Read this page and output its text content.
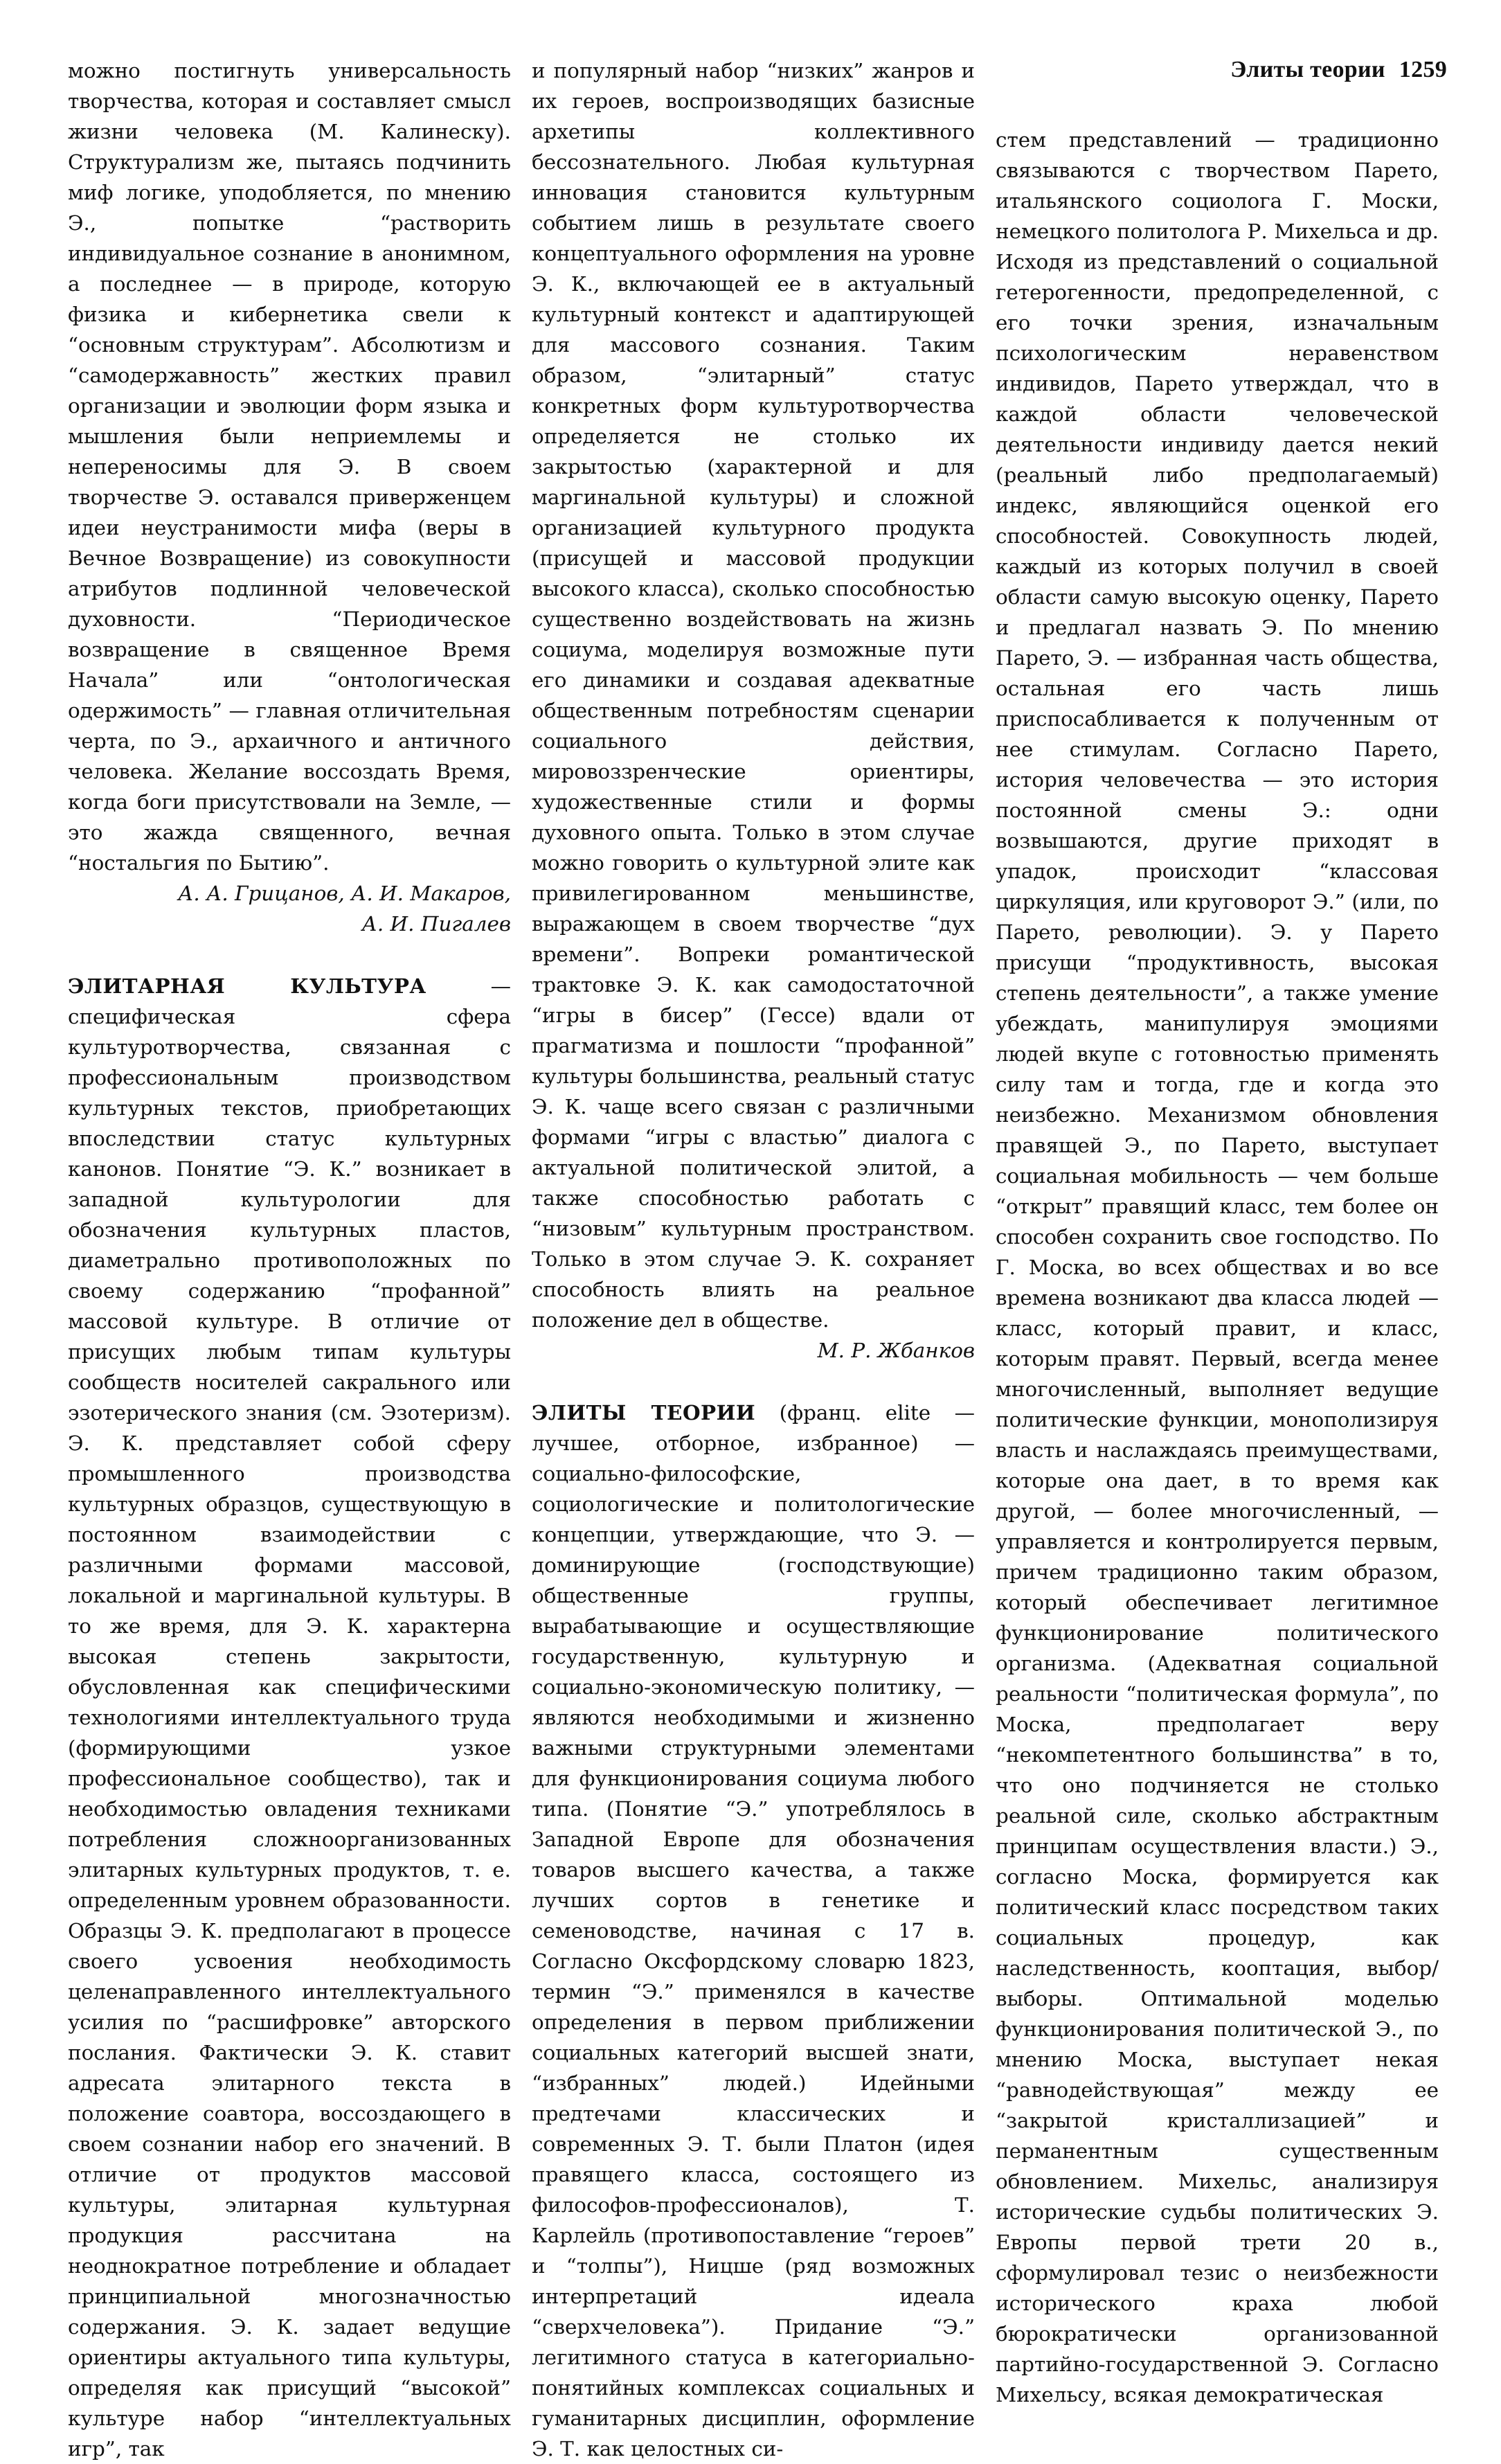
Элиты теории 1259

можно постигнуть универсальность творчества, которая и составляет смысл жизни человека (М. Калинеску). Структурализм же, пытаясь подчинить миф логике, уподобляется, по мнению Э., попытке “растворить индивидуальное сознание в анонимном, а последнее — в природе, которую физика и кибернетика свели к “основным структурам”. Абсолютизм и “самодержавность” жестких правил организации и эволюции форм языка и мышления были неприемлемы и непереносимы для Э. В своем творчестве Э. оставался приверженцем идеи неустранимости мифа (веры в Вечное Возвращение) из совокупности атрибутов подлинной человеческой духовности. “Периодическое возвращение в священное Время Начала” или “онтологическая одержимость” — главная отличительная черта, по Э., архаичного и античного человека. Желание воссоздать Время, когда боги присутствовали на Земле, — это жажда священного, вечная “ностальгия по Бытию”.

А. А. Грицанов, А. И. Макаров,
А. И. Пигалев

ЭЛИТАРНАЯ КУЛЬТУРА — специфическая сфера культуротворчества, связанная с профессиональным производством культурных текстов, приобретающих впоследствии статус культурных канонов. Понятие “Э. К.” возникает в западной культурологии для обозначения культурных пластов, диаметрально противоположных по своему содержанию “профанной” массовой культуре. В отличие от присущих любым типам культуры сообществ носителей сакрального или эзотерического знания (см. Эзотеризм). Э. К. представляет собой сферу промышленного производства культурных образцов, существующую в постоянном взаимодействии с различными формами массовой, локальной и маргинальной культуры. В то же время, для Э. К. характерна высокая степень закрытости, обусловленная как специфическими технологиями интеллектуального труда (формирующими узкое профессиональное сообщество), так и необходимостью овладения техниками потребления сложноорганизованных элитарных культурных продуктов, т. е. определенным уровнем образованности. Образцы Э. К. предполагают в процессе своего усвоения необходимость целенаправленного интеллектуального усилия по “расшифровке” авторского послания. Фактически Э. К. ставит адресата элитарного текста в положение соавтора, воссоздающего в своем сознании набор его значений. В отличие от продуктов массовой культуры, элитарная культурная продукция рассчитана на неоднократное потребление и обладает принципиальной многозначностью содержания. Э. К. задает ведущие ориентиры актуального типа культуры, определяя как присущий “высокой” культуре набор “интеллектуальных игр”, так

и популярный набор “низких” жанров и их героев, воспроизводящих базисные архетипы коллективного бессознательного. Любая культурная инновация становится культурным событием лишь в результате своего концептуального оформления на уровне Э. К., включающей ее в актуальный культурный контекст и адаптирующей для массового сознания. Таким образом, “элитарный” статус конкретных форм культуротворчества определяется не столько их закрытостью (характерной и для маргинальной культуры) и сложной организацией культурного продукта (присущей и массовой продукции высокого класса), сколько способностью существенно воздействовать на жизнь социума, моделируя возможные пути его динамики и создавая адекватные общественным потребностям сценарии социального действия, мировоззренческие ориентиры, художественные стили и формы духовного опыта. Только в этом случае можно говорить о культурной элите как привилегированном меньшинстве, выражающем в своем творчестве “дух времени”. Вопреки романтической трактовке Э. К. как самодостаточной “игры в бисер” (Гессе) вдали от прагматизма и пошлости “профанной” культуры большинства, реальный статус Э. К. чаще всего связан с различными формами “игры с властью” диалога с актуальной политической элитой, а также способностью работать с “низовым” культурным пространством. Только в этом случае Э. К. сохраняет способность влиять на реальное положение дел в обществе.

М. Р. Жбанков

ЭЛИТЫ ТЕОРИИ (франц. elite — лучшее, отборное, избранное) — социально-философские, социологические и политологические концепции, утверждающие, что Э. — доминирующие (господствующие) общественные группы, вырабатывающие и осуществляющие государственную, культурную и социально-экономическую политику, — являются необходимыми и жизненно важными структурными элементами для функционирования социума любого типа. (Понятие “Э.” употреблялось в Западной Европе для обозначения товаров высшего качества, а также лучших сортов в генетике и семеноводстве, начиная с 17 в. Согласно Оксфордскому словарю 1823, термин “Э.” применялся в качестве определения в первом приближении социальных категорий высшей знати, “избранных” людей.) Идейными предтечами классических и современных Э. Т. были Платон (идея правящего класса, состоящего из философов-профессионалов), Т. Карлейль (противопоставление “героев” и “толпы”), Ницше (ряд возможных интерпретаций идеала “сверхчеловека”). Придание “Э.” легитимного статуса в категориально-понятийных комплексах социальных и гуманитарных дисциплин, оформление Э. Т. как целостных си-

стем представлений — традиционно связываются с творчеством Парето, итальянского социолога Г. Моски, немецкого политолога Р. Михельса и др. Исходя из представлений о социальной гетерогенности, предопределенной, с его точки зрения, изначальным психологическим неравенством индивидов, Парето утверждал, что в каждой области человеческой деятельности индивиду дается некий (реальный либо предполагаемый) индекс, являющийся оценкой его способностей. Совокупность людей, каждый из которых получил в своей области самую высокую оценку, Парето и предлагал назвать Э. По мнению Парето, Э. — избранная часть общества, остальная его часть лишь приспосабливается к полученным от нее стимулам. Согласно Парето, история человечества — это история постоянной смены Э.: одни возвышаются, другие приходят в упадок, происходит “классовая циркуляция, или круговорот Э.” (или, по Парето, революции). Э. у Парето присущи “продуктивность, высокая степень деятельности”, а также умение убеждать, манипулируя эмоциями людей вкупе с готовностью применять силу там и тогда, где и когда это неизбежно. Механизмом обновления правящей Э., по Парето, выступает социальная мобильность — чем больше “открыт” правящий класс, тем более он способен сохранить свое господство. По Г. Моска, во всех обществах и во все времена возникают два класса людей — класс, который правит, и класс, которым правят. Первый, всегда менее многочисленный, выполняет ведущие политические функции, монополизируя власть и наслаждаясь преимуществами, которые она дает, в то время как другой, — более многочисленный, — управляется и контролируется первым, причем традиционно таким образом, который обеспечивает легитимное функционирование политического организма. (Адекватная социальной реальности “политическая формула”, по Моска, предполагает веру “некомпетентного большинства” в то, что оно подчиняется не столько реальной силе, сколько абстрактным принципам осуществления власти.) Э., согласно Моска, формируется как политический класс посредством таких социальных процедур, как наследственность, кооптация, выбор/выборы. Оптимальной моделью функционирования политической Э., по мнению Моска, выступает некая “равнодействующая” между ее “закрытой кристаллизацией” и перманентным существенным обновлением. Михельс, анализируя исторические судьбы политических Э. Европы первой трети 20 в., сформулировал тезис о неизбежности исторического краха любой бюрократически организованной партийно-государственной Э. Согласно Михельсу, всякая демократическая
